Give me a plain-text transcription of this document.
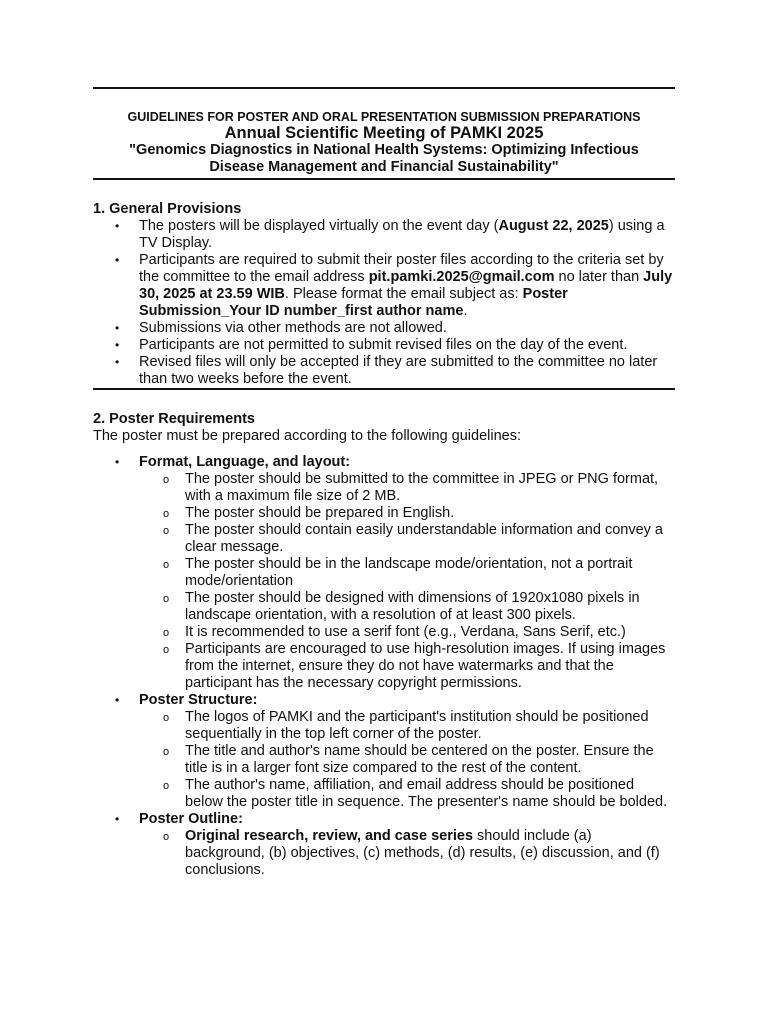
GUIDELINES FOR POSTER AND ORAL PRESENTATION SUBMISSION PREPARATIONS
Annual Scientific Meeting of PAMKI 2025
"Genomics Diagnostics in National Health Systems: Optimizing Infectious
Disease Management and Financial Sustainability"
1. General Provisions
• The posters will be displayed virtually on the event day (August 22, 2025) using a TV Display.
• Participants are required to submit their poster files according to the criteria set by the committee to the email address pit.pamki.2025@gmail.com no later than July 30, 2025 at 23.59 WIB. Please format the email subject as: Poster Submission_Your ID number_first author name.
• Submissions via other methods are not allowed.
• Participants are not permitted to submit revised files on the day of the event.
• Revised files will only be accepted if they are submitted to the committee no later than two weeks before the event.
2. Poster Requirements
The poster must be prepared according to the following guidelines:
• Format, Language, and layout:
o The poster should be submitted to the committee in JPEG or PNG format, with a maximum file size of 2 MB.
o The poster should be prepared in English.
o The poster should contain easily understandable information and convey a clear message.
o The poster should be in the landscape mode/orientation, not a portrait mode/orientation
o The poster should be designed with dimensions of 1920x1080 pixels in landscape orientation, with a resolution of at least 300 pixels.
o It is recommended to use a serif font (e.g., Verdana, Sans Serif, etc.)
o Participants are encouraged to use high-resolution images. If using images from the internet, ensure they do not have watermarks and that the participant has the necessary copyright permissions.
• Poster Structure:
o The logos of PAMKI and the participant's institution should be positioned sequentially in the top left corner of the poster.
o The title and author's name should be centered on the poster. Ensure the title is in a larger font size compared to the rest of the content.
o The author's name, affiliation, and email address should be positioned below the poster title in sequence. The presenter's name should be bolded.
• Poster Outline:
o Original research, review, and case series should include (a) background, (b) objectives, (c) methods, (d) results, (e) discussion, and (f) conclusions.
